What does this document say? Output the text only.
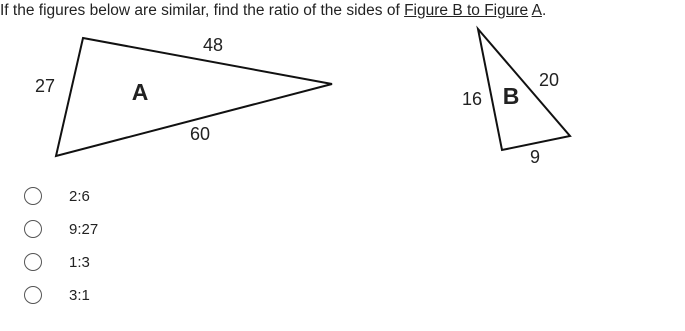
If the figures below are similar, find the ratio of the sides of Figure B to Figure A.
48
27
60
A	20
16
9
B
2:6
9:27
1:3
3:1
